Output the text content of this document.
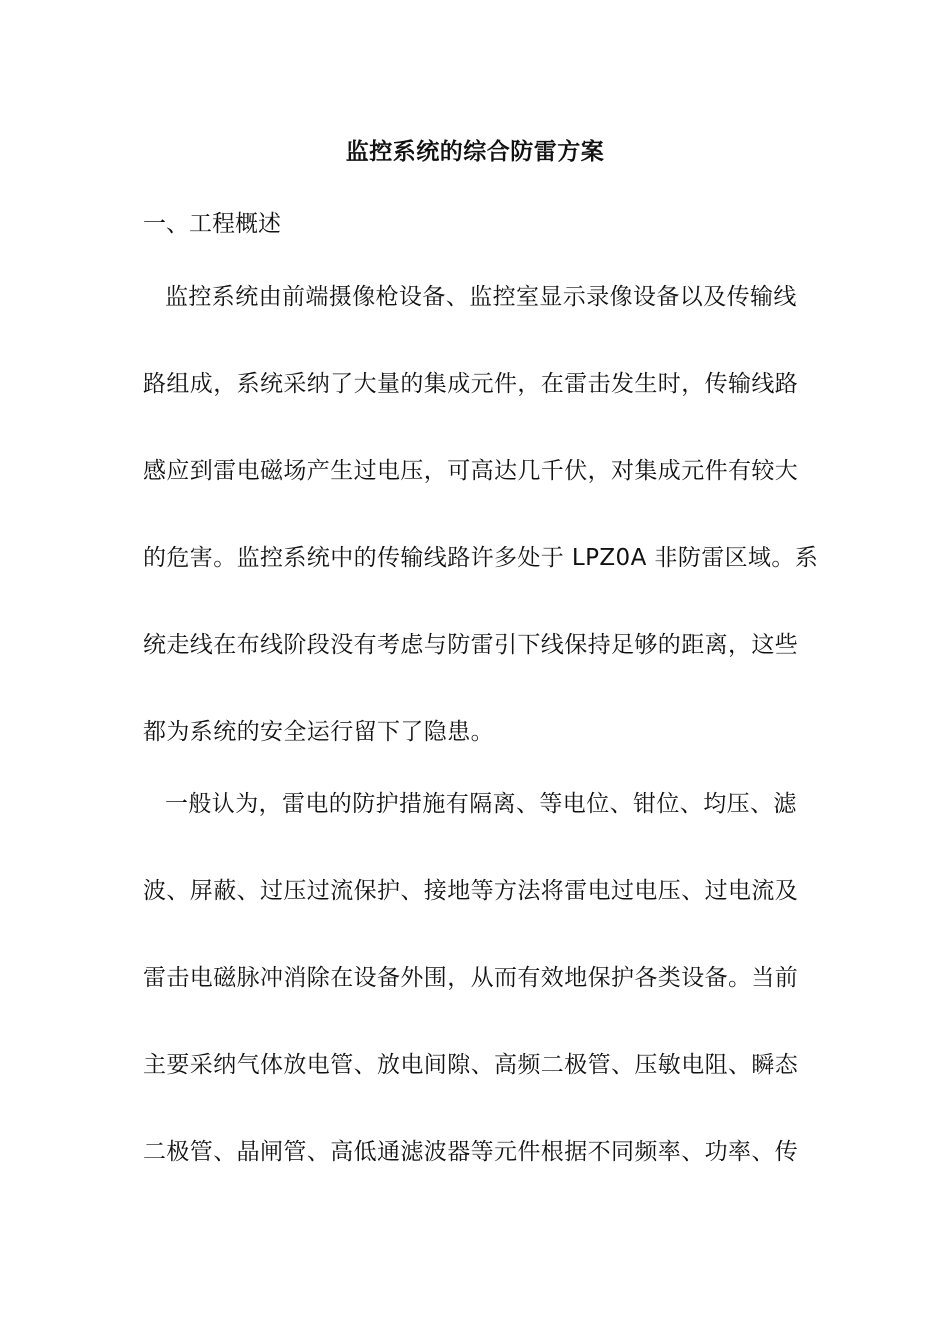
监控系统的综合防雷方案
一、工程概述
监控系统由前端摄像枪设备、监控室显示录像设备以及传输线
路组成，系统采纳了大量的集成元件，在雷击发生时，传输线路
感应到雷电磁场产生过电压，可高达几千伏，对集成元件有较大
的危害。监控系统中的传输线路许多处于 LPZ0A 非防雷区域。系
统走线在布线阶段没有考虑与防雷引下线保持足够的距离，这些
都为系统的安全运行留下了隐患。
一般认为，雷电的防护措施有隔离、等电位、钳位、均压、滤
波、屏蔽、过压过流保护、接地等方法将雷电过电压、过电流及
雷击电磁脉冲消除在设备外围，从而有效地保护各类设备。当前
主要采纳气体放电管、放电间隙、高频二极管、压敏电阻、瞬态
二极管、晶闸管、高低通滤波器等元件根据不同频率、功率、传
